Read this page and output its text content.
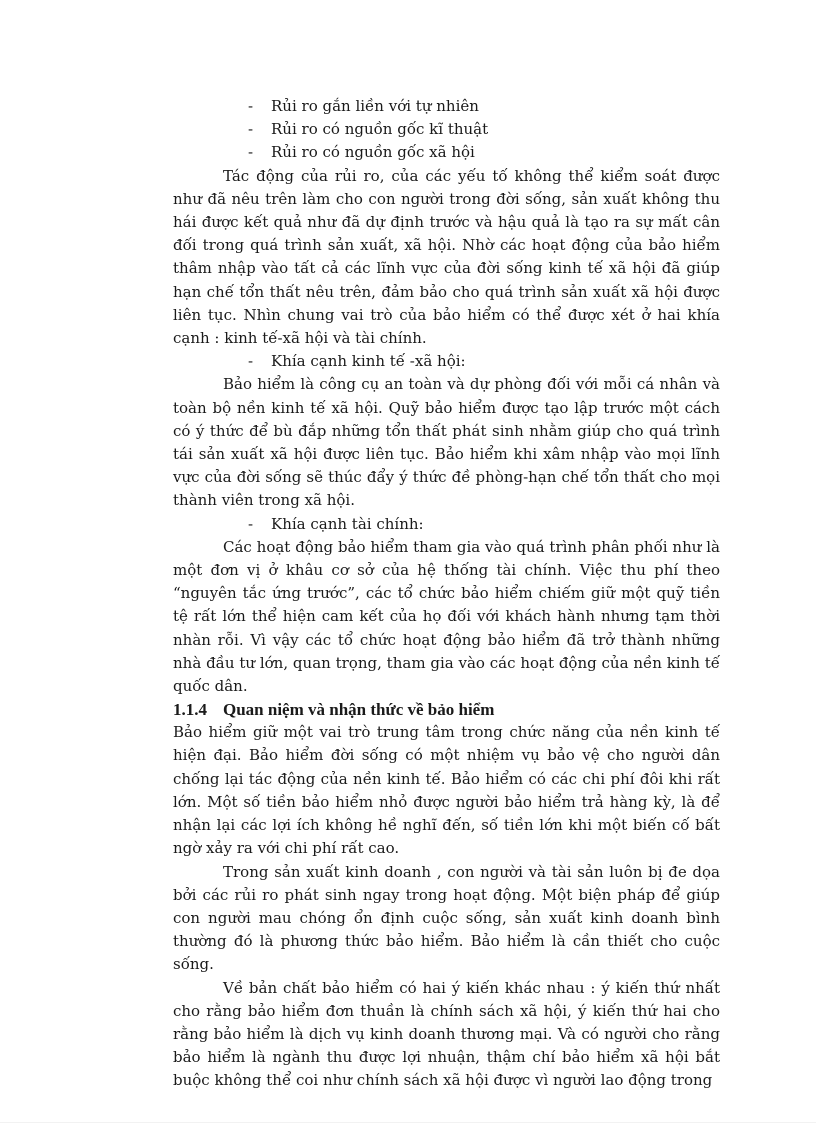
- Rủi ro gắn liền với tự nhiên
- Rủi ro có nguồn gốc kĩ thuật
- Rủi ro có nguồn gốc xã hội

Tác động của rủi ro, của các yếu tố không thể kiểm soát được như đã nêu trên làm cho con người trong đời sống, sản xuất không thu hái được kết quả như đã dự định trước và hậu quả là tạo ra sự mất cân đối trong quá trình sản xuất, xã hội. Nhờ các hoạt động của bảo hiểm thâm nhập vào tất cả các lĩnh vực của đời sống kinh tế xã hội đã giúp hạn chế tổn thất nêu trên, đảm bảo cho quá trình sản xuất xã hội được liên tục. Nhìn chung vai trò của bảo hiểm có thể được xét ở hai khía cạnh : kinh tế-xã hội và tài chính.

- Khía cạnh kinh tế -xã hội:

Bảo hiểm là công cụ an toàn và dự phòng đối với mỗi cá nhân và toàn bộ nền kinh tế xã hội. Quỹ bảo hiểm được tạo lập trước một cách có ý thức để bù đắp những tổn thất phát sinh nhằm giúp cho quá trình tái sản xuất xã hội được liên tục. Bảo hiểm khi xâm nhập vào mọi lĩnh vực của đời sống sẽ thúc đẩy ý thức đề phòng-hạn chế tổn thất cho mọi thành viên trong xã hội.

- Khía cạnh tài chính:

Các hoạt động bảo hiểm tham gia vào quá trình phân phối như là một đơn vị ở khâu cơ sở của hệ thống tài chính. Việc thu phí theo “nguyên tắc ứng trước”, các tổ chức bảo hiểm chiếm giữ một quỹ tiền tệ rất lớn thể hiện cam kết của họ đối với khách hành nhưng tạm thời nhàn rỗi. Vì vậy các tổ chức hoạt động bảo hiểm đã trở thành những nhà đầu tư lớn, quan trọng, tham gia vào các hoạt động của nền kinh tế quốc dân.

1.1.4 Quan niệm và nhận thức về bảo hiểm

Bảo hiểm giữ một vai trò trung tâm trong chức năng của nền kinh tế hiện đại. Bảo hiểm đời sống có một nhiệm vụ bảo vệ cho người dân chống lại tác động của nền kinh tế. Bảo hiểm có các chi phí đôi khi rất lớn. Một số tiền bảo hiểm nhỏ được người bảo hiểm trả hàng kỳ, là để nhận lại các lợi ích không hề nghĩ đến, số tiền lớn khi một biến cố bất ngờ xảy ra với chi phí rất cao.

Trong sản xuất kinh doanh , con người và tài sản luôn bị đe dọa bởi các rủi ro phát sinh ngay trong hoạt động. Một biện pháp để giúp con người mau chóng ổn định cuộc sống, sản xuất kinh doanh bình thường đó là phương thức bảo hiểm. Bảo hiểm là cần thiết cho cuộc sống.

Về bản chất bảo hiểm có hai ý kiến khác nhau : ý kiến thứ nhất cho rằng bảo hiểm đơn thuần là chính sách xã hội, ý kiến thứ hai cho rằng bảo hiểm là dịch vụ kinh doanh thương mại. Và có người cho rằng bảo hiểm là ngành thu được lợi nhuận, thậm chí bảo hiểm xã hội bắt buộc không thể coi như chính sách xã hội được vì người lao động trong
